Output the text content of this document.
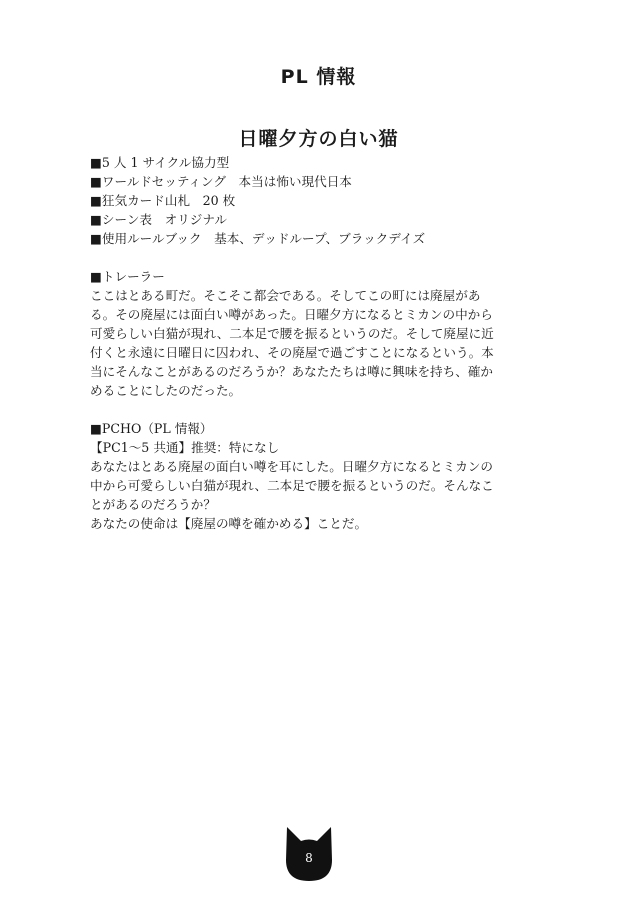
PL 情報
日曜夕方の白い猫

■5 人 1 サイクル協力型

■ワールドセッティング　本当は怖い現代日本

■狂気カード山札　20 枚

■シーン表　オリジナル

■使用ルールブック　基本、デッドループ、ブラックデイズ

■トレーラー

ここはとある町だ。そこそこ都会である。そしてこの町には廃屋があ

る。その廃屋には面白い噂があった。日曜夕方になるとミカンの中から

可愛らしい白猫が現れ、二本足で腰を振るというのだ。そして廃屋に近

付くと永遠に日曜日に囚われ、その廃屋で過ごすことになるという。本

当にそんなことがあるのだろうか？あなたたちは噂に興味を持ち、確か

めることにしたのだった。

■PCHO（PL 情報）

【PC1～5 共通】推奨：特になし

あなたはとある廃屋の面白い噂を耳にした。日曜夕方になるとミカンの

中から可愛らしい白猫が現れ、二本足で腰を振るというのだ。そんなこ

とがあるのだろうか？

あなたの使命は【廃屋の噂を確かめる】ことだ。

8
